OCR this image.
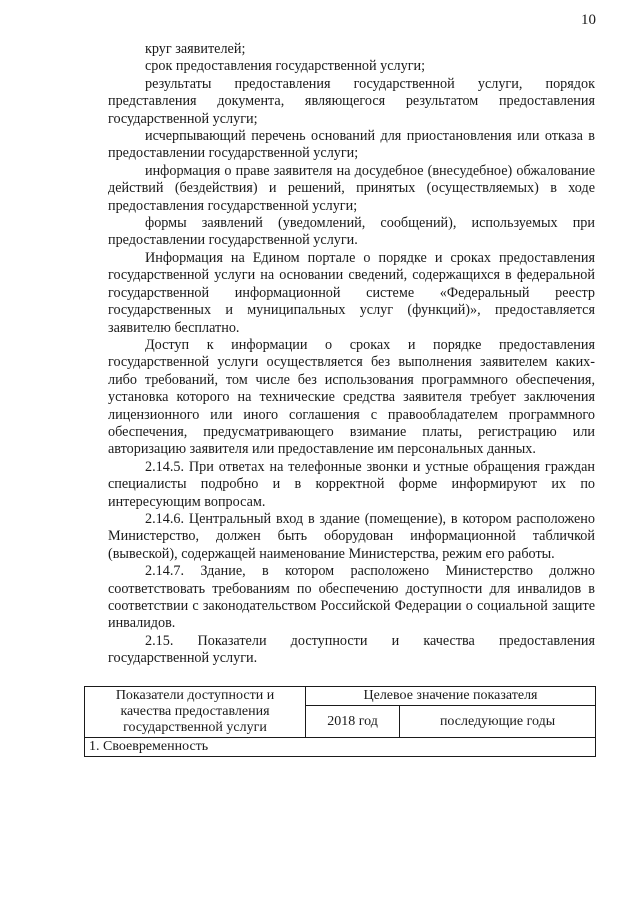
10

круг заявителей;

срок предоставления государственной услуги;

результаты предоставления государственной услуги, порядок представления документа, являющегося результатом предоставления государственной услуги;

исчерпывающий перечень оснований для приостановления или отказа в предоставлении государственной услуги;

информация о праве заявителя на досудебное (внесудебное) обжалование действий (бездействия) и решений, принятых (осуществляемых) в ходе предоставления государственной услуги;

формы заявлений (уведомлений, сообщений), используемых при предоставлении государственной услуги.

Информация на Едином портале о порядке и сроках предоставления государственной услуги на основании сведений, содержащихся в федеральной государственной информационной системе «Федеральный реестр государственных и муниципальных услуг (функций)», предоставляется заявителю бесплатно.

Доступ к информации о сроках и порядке предоставления государственной услуги осуществляется без выполнения заявителем каких-либо требований, том числе без использования программного обеспечения, установка которого на технические средства заявителя требует заключения лицензионного или иного соглашения с правообладателем программного обеспечения, предусматривающего взимание платы, регистрацию или авторизацию заявителя или предоставление им персональных данных.

2.14.5. При ответах на телефонные звонки и устные обращения граждан специалисты подробно и в корректной форме информируют их по интересующим вопросам.

2.14.6. Центральный вход в здание (помещение), в котором расположено Министерство, должен быть оборудован информационной табличкой (вывеской), содержащей наименование Министерства, режим его работы.

2.14.7. Здание, в котором расположено Министерство должно соответствовать требованиям по обеспечению доступности для инвалидов в соответствии с законодательством Российской Федерации о социальной защите инвалидов.

2.15. Показатели доступности и качества предоставления государственной услуги.

Показатели доступности и качества предоставления государственной услуги	Целевое значение показателя	
	2018 год	последующие годы
1. Своевременность		
